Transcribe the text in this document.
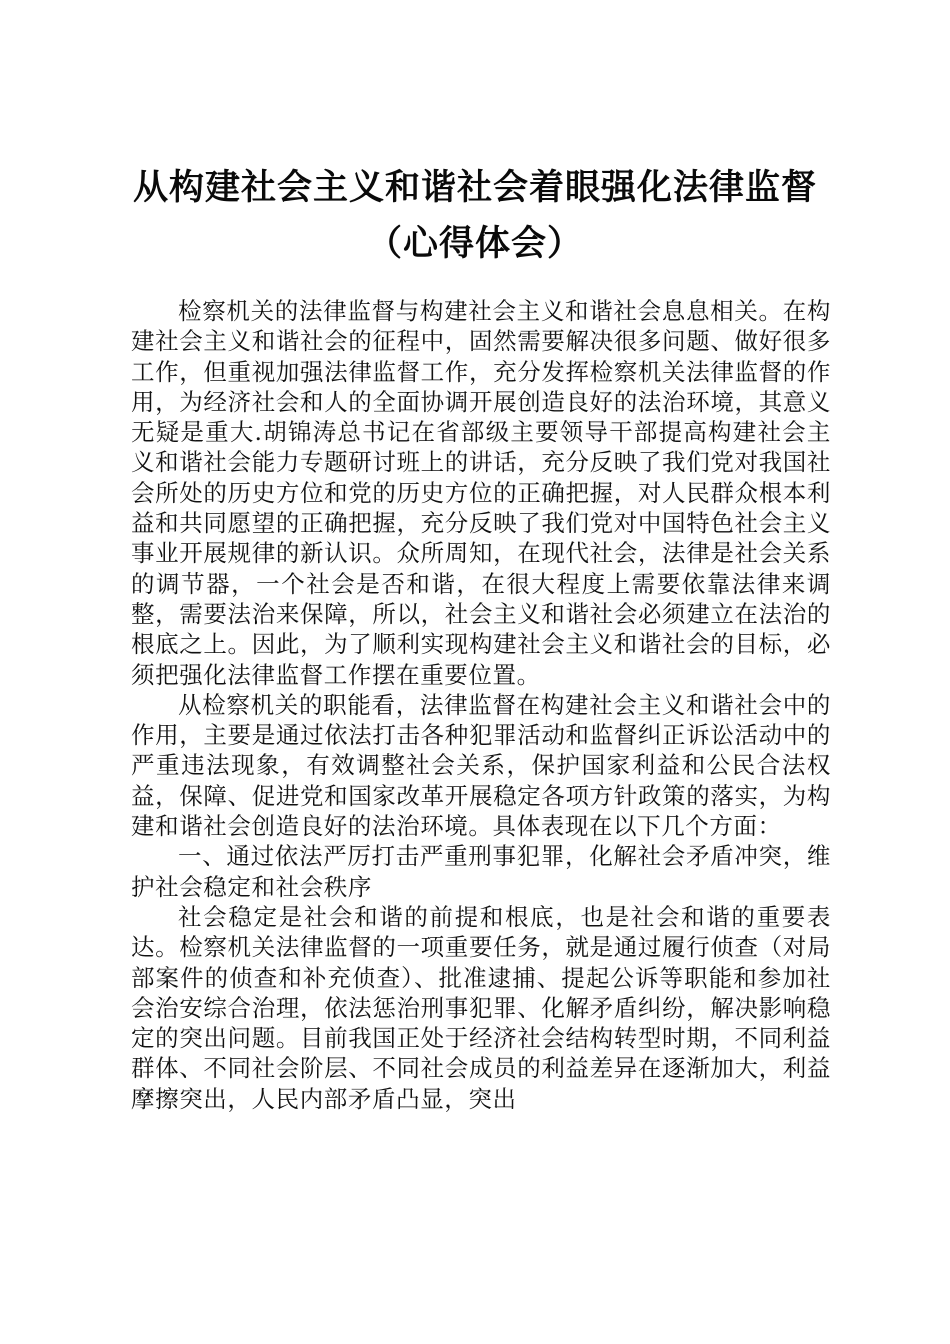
从构建社会主义和谐社会着眼强化法律监督
（心得体会）

检察机关的法律监督与构建社会主义和谐社会息息相关。在构建社会主义和谐社会的征程中，固然需要解决很多问题、做好很多工作，但重视加强法律监督工作，充分发挥检察机关法律监督的作用，为经济社会和人的全面协调开展创造良好的法治环境，其意义无疑是重大.胡锦涛总书记在省部级主要领导干部提高构建社会主义和谐社会能力专题研讨班上的讲话，充分反映了我们党对我国社会所处的历史方位和党的历史方位的正确把握，对人民群众根本利益和共同愿望的正确把握，充分反映了我们党对中国特色社会主义事业开展规律的新认识。众所周知，在现代社会，法律是社会关系的调节器，一个社会是否和谐，在很大程度上需要依靠法律来调整，需要法治来保障，所以，社会主义和谐社会必须建立在法治的根底之上。因此，为了顺利实现构建社会主义和谐社会的目标，必须把强化法律监督工作摆在重要位置。

从检察机关的职能看，法律监督在构建社会主义和谐社会中的作用，主要是通过依法打击各种犯罪活动和监督纠正诉讼活动中的严重违法现象，有效调整社会关系，保护国家利益和公民合法权益，保障、促进党和国家改革开展稳定各项方针政策的落实，为构建和谐社会创造良好的法治环境。具体表现在以下几个方面：

一、通过依法严厉打击严重刑事犯罪，化解社会矛盾冲突，维护社会稳定和社会秩序

社会稳定是社会和谐的前提和根底，也是社会和谐的重要表达。检察机关法律监督的一项重要任务，就是通过履行侦查（对局部案件的侦查和补充侦查）、批准逮捕、提起公诉等职能和参加社会治安综合治理，依法惩治刑事犯罪、化解矛盾纠纷，解决影响稳定的突出问题。目前我国正处于经济社会结构转型时期，不同利益群体、不同社会阶层、不同社会成员的利益差异在逐渐加大，利益摩擦突出，人民内部矛盾凸显，突出
